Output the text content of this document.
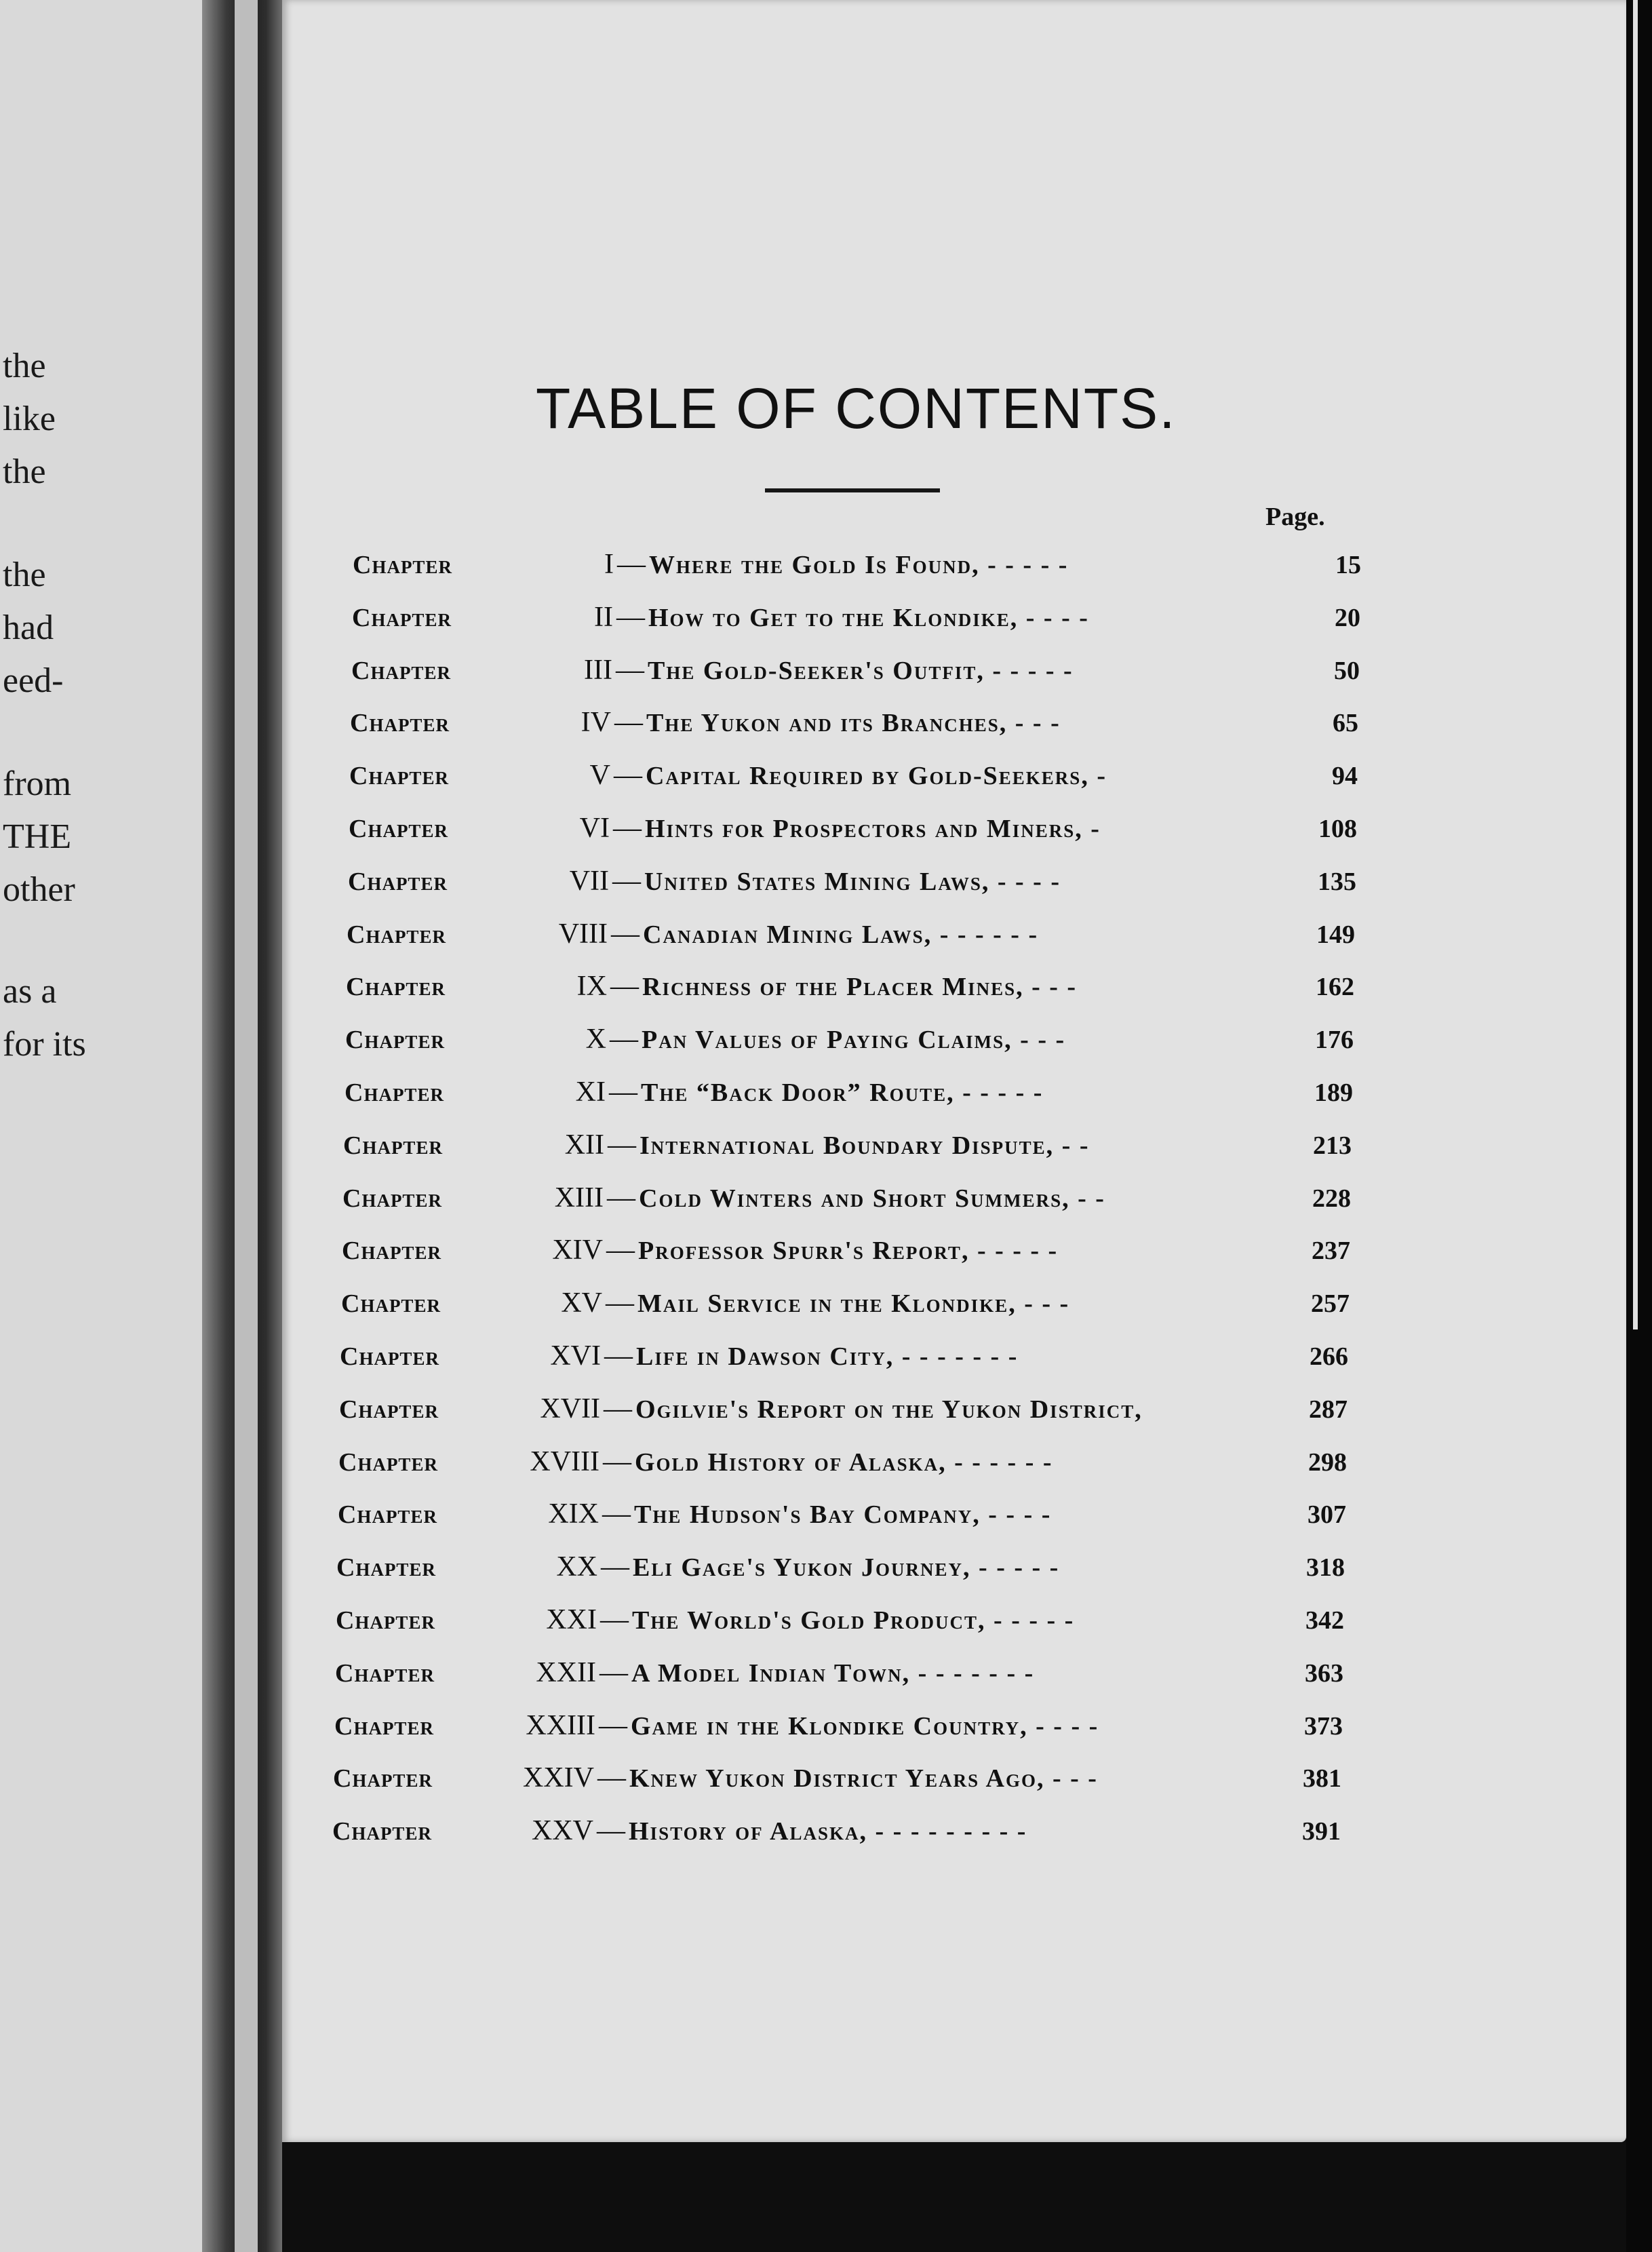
the
like
the
the
had
eed-
from
THE
other
as a
for its
TABLE OF CONTENTS.
Page.
Chapter	I — Where the Gold Is Found, - - - - -	15
Chapter	II — How to Get to the Klondike, - - - -	20
Chapter	III — The Gold-Seeker's Outfit, - - - - -	50
Chapter	IV — The Yukon and its Branches, - - -	65
Chapter	V — Capital Required by Gold-Seekers, -	94
Chapter	VI — Hints for Prospectors and Miners, -	108
Chapter	VII — United States Mining Laws, - - - -	135
Chapter	VIII — Canadian Mining Laws, - - - - - -	149
Chapter	IX — Richness of the Placer Mines, - - -	162
Chapter	X — Pan Values of Paying Claims, - - -	176
Chapter	XI — The “Back Door” Route, - - - - -	189
Chapter	XII — International Boundary Dispute, - -	213
Chapter	XIII — Cold Winters and Short Summers, - -	228
Chapter	XIV — Professor Spurr's Report, - - - - -	237
Chapter	XV — Mail Service in the Klondike, - - -	257
Chapter	XVI — Life in Dawson City, - - - - - - -	266
Chapter	XVII — Ogilvie's Report on the Yukon District,	287
Chapter	XVIII — Gold History of Alaska, - - - - - -	298
Chapter	XIX — The Hudson's Bay Company, - - - -	307
Chapter	XX — Eli Gage's Yukon Journey, - - - - -	318
Chapter	XXI — The World's Gold Product, - - - - -	342
Chapter	XXII — A Model Indian Town, - - - - - - -	363
Chapter	XXIII — Game in the Klondike Country, - - - -	373
Chapter	XXIV — Knew Yukon District Years Ago, - - -	381
Chapter	XXV — History of Alaska, - - - - - - - - -	391
